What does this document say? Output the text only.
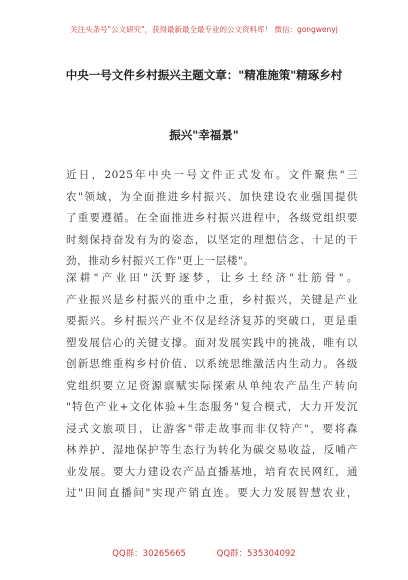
关注头条号"公文研究"，获得最新最全最专业的公文资料库！ 微信：gongwenyj
中央一号文件乡村振兴主题文章："精准施策"精琢乡村
振兴"幸福景"
近日，2025年中央一号文件正式发布。文件聚焦"三
农"领域，为全面推进乡村振兴、加快建设农业强国提供
了重要遵循。在全面推进乡村振兴进程中，各级党组织要
时刻保持奋发有为的姿态，以坚定的理想信念、十足的干
劲，推动乡村振兴工作"更上一层楼"。
深耕"产业田"沃野逐梦，让乡土经济"壮筋骨"。
产业振兴是乡村振兴的重中之重，乡村振兴，关键是产业
要振兴。乡村振兴产业不仅是经济复苏的突破口，更是重
塑发展信心的关键支撑。面对发展实践中的挑战，唯有以
创新思维重构乡村价值、以系统思维激活内生动力。各级
党组织要立足资源禀赋实际探索从单纯农产品生产转向
"特色产业+文化体验+生态服务"复合模式，大力开发沉
浸式文旅项目，让游客"带走故事而非仅特产"，要将森
林养护、湿地保护等生态行为转化为碳交易收益，反哺产
业发展。要大力建设农产品直播基地，培育农民网红，通
过"田间直播间"实现产销直连。要大力发展智慧农业，
QQ群：30265665	QQ群：535304092
